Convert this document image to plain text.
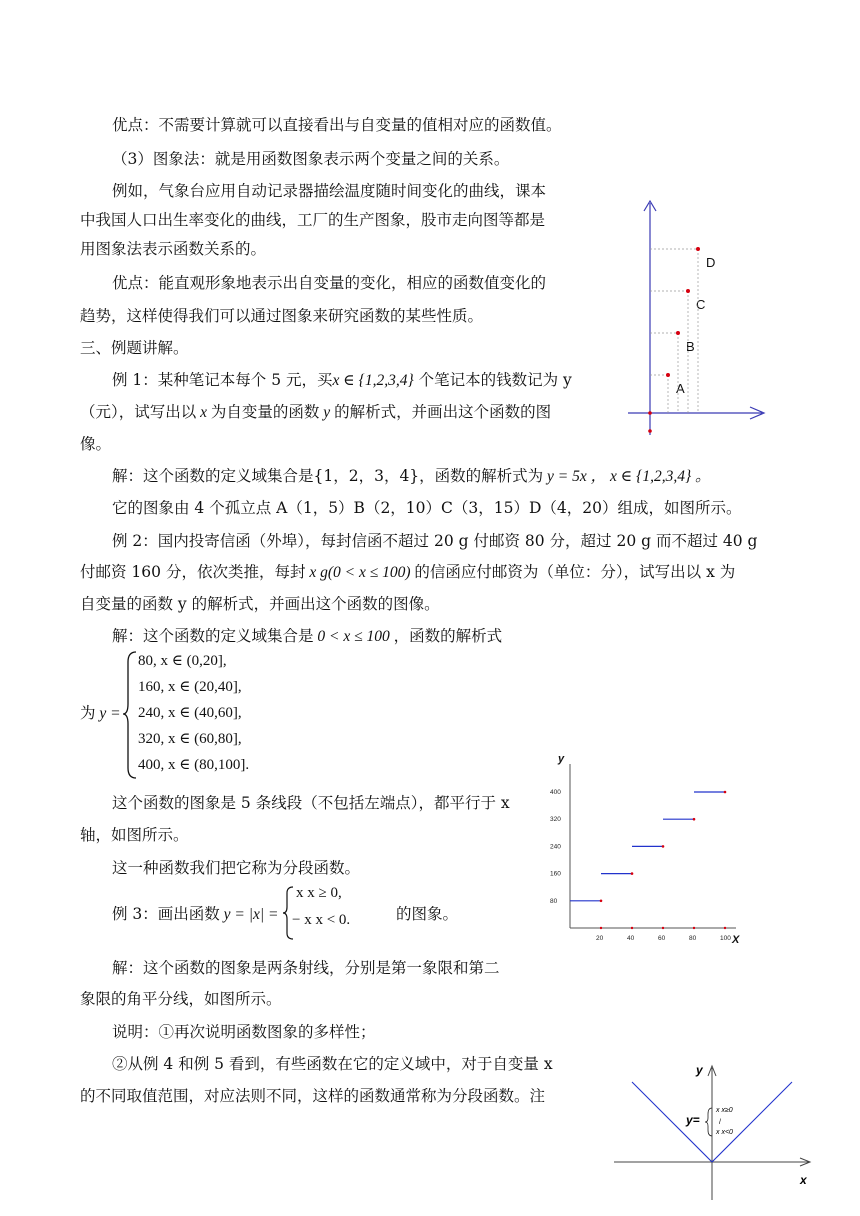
优点：不需要计算就可以直接看出与自变量的值相对应的函数值。
（3）图象法：就是用函数图象表示两个变量之间的关系。
例如，气象台应用自动记录器描绘温度随时间变化的曲线，课本
中我国人口出生率变化的曲线，工厂的生产图象，股市走向图等都是
用图象法表示函数关系的。
优点：能直观形象地表示出自变量的变化，相应的函数值变化的
趋势，这样使得我们可以通过图象来研究函数的某些性质。
三、例题讲解。
例 1：某种笔记本每个 5 元，买x ∈ {1,2,3,4} 个笔记本的钱数记为 y
（元），试写出以 x 为自变量的函数 y 的解析式，并画出这个函数的图
像。
解：这个函数的定义域集合是{1，2，3，4}，函数的解析式为 y = 5x ， x ∈ {1,2,3,4} 。
它的图象由 4 个孤立点 A（1，5）B（2，10）C（3，15）D（4，20）组成，如图所示。
例 2：国内投寄信函（外埠），每封信函不超过 20 g 付邮资 80 分，超过 20 g 而不超过 40 g
付邮资 160 分，依次类推，每封 x g(0 < x ≤ 100) 的信函应付邮资为（单位：分），试写出以 x 为
自变量的函数 y 的解析式，并画出这个函数的图像。
解：这个函数的定义域集合是 0 < x ≤ 100 ，函数的解析式
为 y =
80, x ∈ (0,20],
160, x ∈ (20,40],
240, x ∈ (40,60],
320, x ∈ (60,80],
400, x ∈ (80,100].
这个函数的图象是 5 条线段（不包括左端点），都平行于 x
轴，如图所示。
这一种函数我们把它称为分段函数。
例 3：画出函数 y = |x| =
x x ≥ 0,
− x x < 0.	的图象。
解：这个函数的图象是两条射线，分别是第一象限和第二
象限的角平分线，如图所示。
说明：①再次说明函数图象的多样性；
②从例 4 和例 5 看到，有些函数在它的定义域中，对于自变量 x
的不同取值范围，对应法则不同，这样的函数通常称为分段函数。注
A
B
C
D
20	40	60	80	100
80
160
240
320
400
y
X
y
x
y=
x x≥0
/
x x<0
